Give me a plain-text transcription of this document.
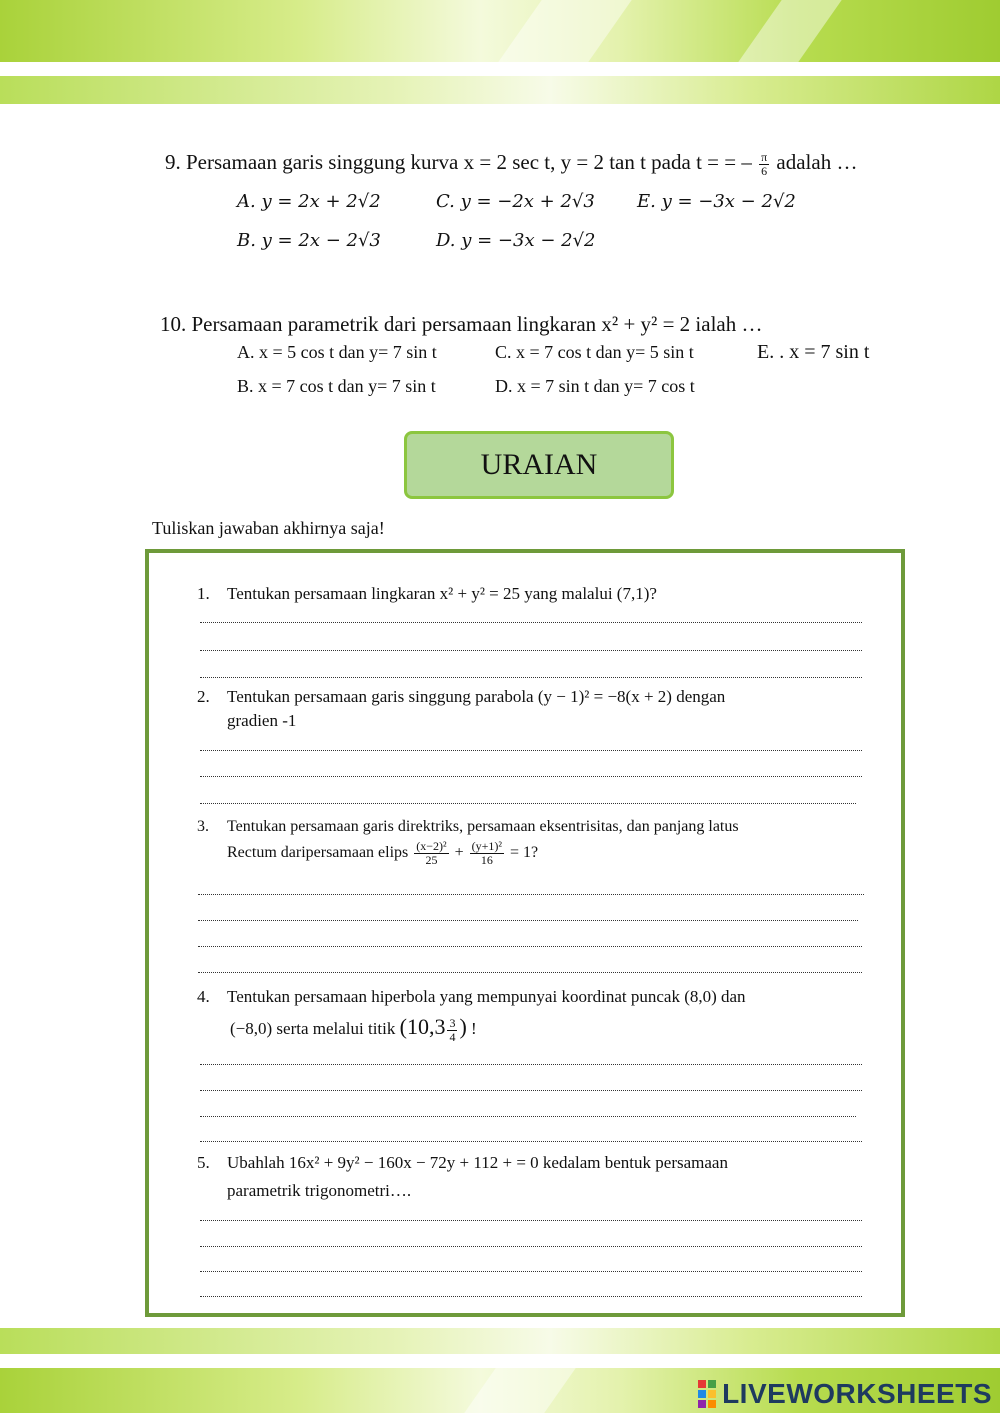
9. Persamaan garis singgung kurva x = 2 sec t, y = 2 tan t pada t = = – $\frac{\pi}{6}$ adalah …
A. y = 2x + 2√2	C. y = −2x + 2√3 E. y = −3x − 2√2
B. y = 2x − 2√3	D. y = −3x − 2√2
10. Persamaan parametrik dari persamaan lingkaran x² + y² = 2 ialah …
A. x = 5 cos t dan y= 7 sin t	C. x = 7 cos t dan y= 5 sin t	E. . x = 7 sin t
B. x = 7 cos t dan y= 7 sin t	D. x = 7 sin t dan y= 7 cos t
URAIAN
Tuliskan jawaban akhirnya saja!
1. Tentukan persamaan lingkaran x² + y² = 25 yang malalui (7,1)?
2. Tentukan persamaan garis singgung parabola (y − 1)² = −8(x + 2) dengan
gradien -1
3. Tentukan persamaan garis direktriks, persamaan eksentrisitas, dan panjang latus
Rectum daripersamaan elips $\frac{\text{(x−2)²}}{25} + \frac{\text{(y+1)²}}{16} = 1$?
4. Tentukan persamaan hiperbola yang mempunyai koordinat puncak (8,0) dan
(−8,0) serta melalui titik ($10,3 \frac{3}{4}$ ) !
5. Ubahlah 16x² + 9y² − 160x − 72y + 112 + = 0 kedalam bentuk persamaan
parametrik trigonometri….
LIVEWORKSHEETS
